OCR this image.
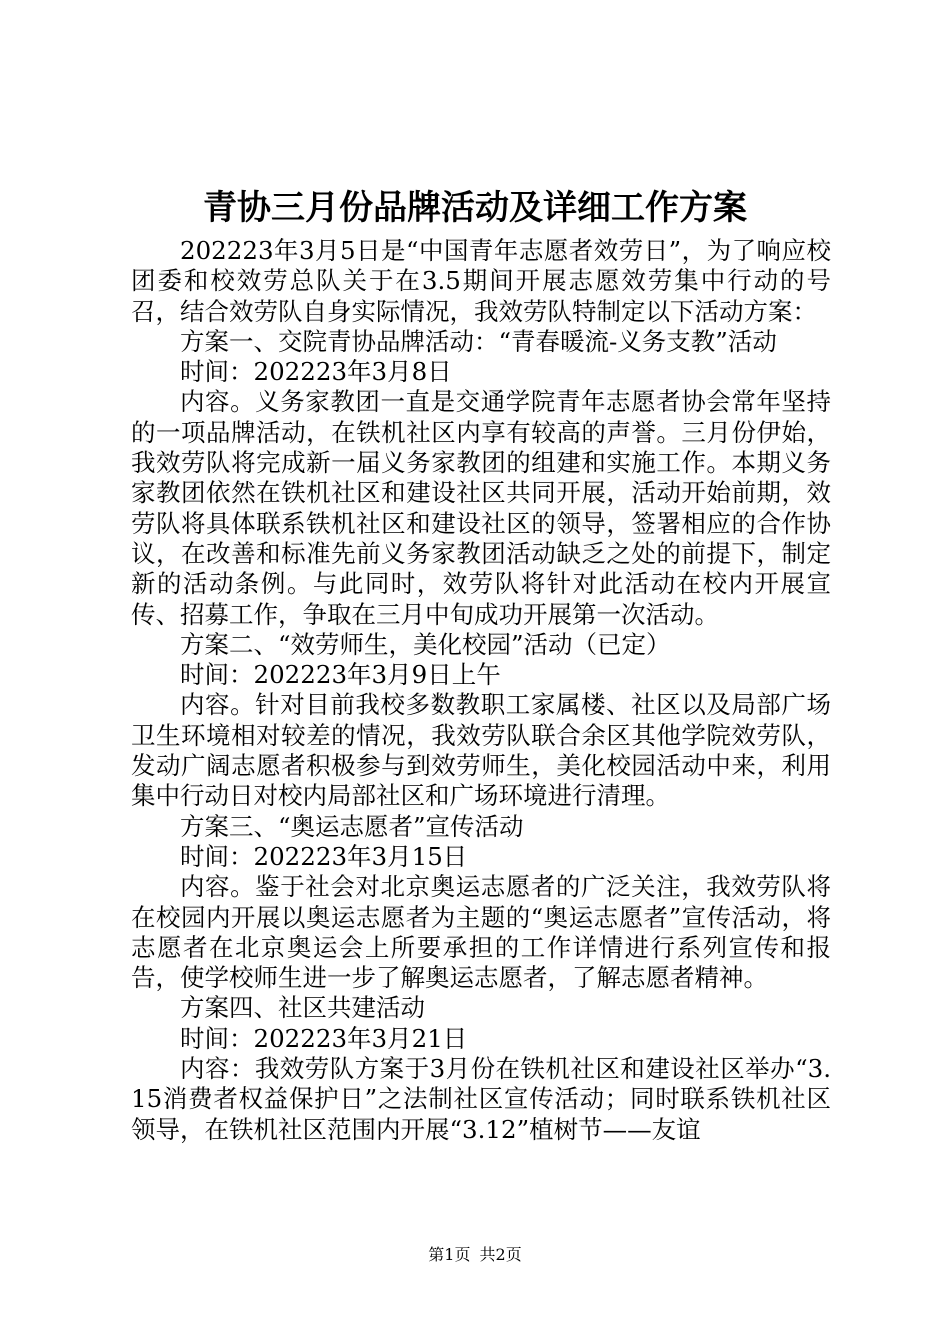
青协三月份品牌活动及详细工作方案

202223年3月5日是“中国青年志愿者效劳日”，为了响应校团委和校效劳总队关于在3.5期间开展志愿效劳集中行动的号召，结合效劳队自身实际情况，我效劳队特制定以下活动方案：

方案一、交院青协品牌活动：“青春暖流-义务支教”活动

时间：202223年3月8日

内容。义务家教团一直是交通学院青年志愿者协会常年坚持的一项品牌活动，在铁机社区内享有较高的声誉。三月份伊始，我效劳队将完成新一届义务家教团的组建和实施工作。本期义务家教团依然在铁机社区和建设社区共同开展，活动开始前期，效劳队将具体联系铁机社区和建设社区的领导，签署相应的合作协议，在改善和标准先前义务家教团活动缺乏之处的前提下，制定新的活动条例。与此同时，效劳队将针对此活动在校内开展宣传、招募工作，争取在三月中旬成功开展第一次活动。

方案二、“效劳师生，美化校园”活动（已定）

时间：202223年3月9日上午

内容。针对目前我校多数教职工家属楼、社区以及局部广场卫生环境相对较差的情况，我效劳队联合余区其他学院效劳队，发动广阔志愿者积极参与到效劳师生，美化校园活动中来，利用集中行动日对校内局部社区和广场环境进行清理。

方案三、“奥运志愿者”宣传活动

时间：202223年3月15日

内容。鉴于社会对北京奥运志愿者的广泛关注，我效劳队将在校园内开展以奥运志愿者为主题的“奥运志愿者”宣传活动，将志愿者在北京奥运会上所要承担的工作详情进行系列宣传和报告，使学校师生进一步了解奥运志愿者，了解志愿者精神。

方案四、社区共建活动

时间：202223年3月21日

内容：我效劳队方案于3月份在铁机社区和建设社区举办“3.15消费者权益保护日”之法制社区宣传活动；同时联系铁机社区领导，在铁机社区范围内开展“3.12”植树节——友谊

第1页 共2页
